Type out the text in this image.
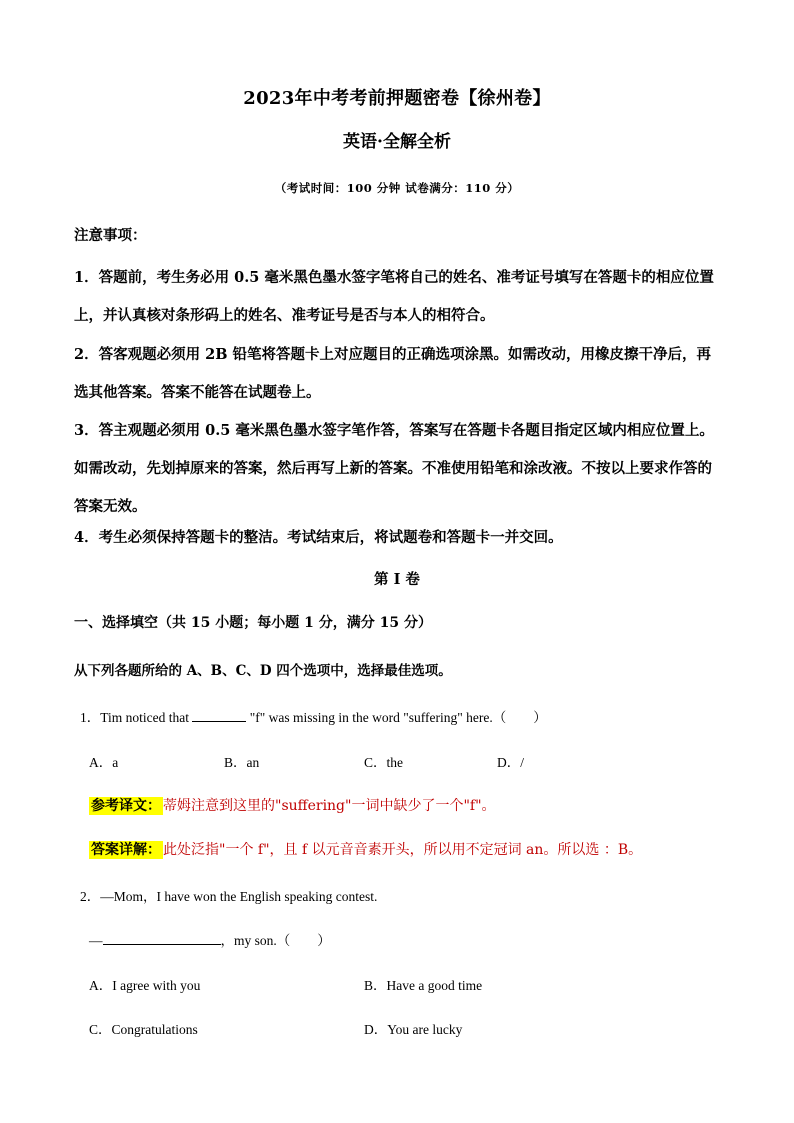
2023年中考考前押题密卷【徐州卷】
英语·全解全析
（考试时间：100 分钟 试卷满分：110 分）
注意事项：
1．答题前，考生务必用 0.5 毫米黑色墨水签字笔将自己的姓名、准考证号填写在答题卡的相应位置上，并认真核对条形码上的姓名、准考证号是否与本人的相符合。
2．答客观题必须用 2B 铅笔将答题卡上对应题目的正确选项涂黑。如需改动，用橡皮擦干净后，再选其他答案。答案不能答在试题卷上。
3．答主观题必须用 0.5 毫米黑色墨水签字笔作答，答案写在答题卡各题目指定区域内相应位置上。如需改动，先划掉原来的答案，然后再写上新的答案。不准使用铅笔和涂改液。不按以上要求作答的答案无效。
4．考生必须保持答题卡的整洁。考试结束后，将试题卷和答题卡一并交回。
第 I 卷
一、选择填空（共 15 小题；每小题 1 分，满分 15 分）
从下列各题所给的 A、B、C、D 四个选项中，选择最佳选项。
1．Tim noticed that	"f" was missing in the word "suffering" here.（　　）
A．a	B．an	C．the	D．/
参考译文： 蒂姆注意到这里的"suffering"一词中缺少了一个"f"。
答案详解： 此处泛指"一个 f"，且 f 以元音音素开头，所以用不定冠词 an。所以选 ：B。
2．—Mom，I have won the English speaking contest.
—	，my son.（　　）
A．I agree with you	B．Have a good time
C．Congratulations	D．You are lucky
